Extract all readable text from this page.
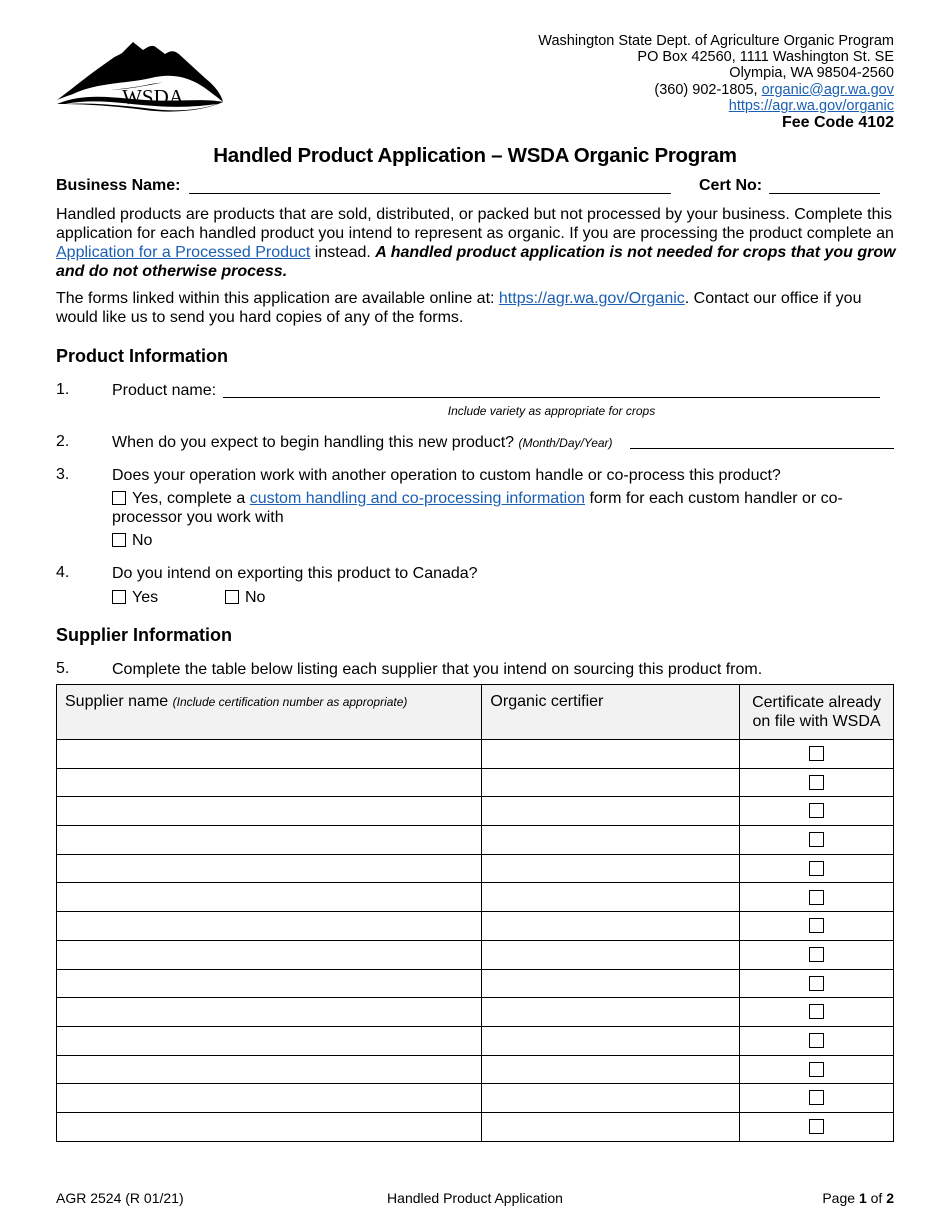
WSDA
Washington State Dept. of Agriculture Organic Program
PO Box 42560, 1111 Washington St. SE
Olympia, WA 98504-2560
(360) 902-1805, organic@agr.wa.gov
https://agr.wa.gov/organic
Fee Code 4102
Handled Product Application – WSDA Organic Program
Business Name:	Cert No:
Handled products are products that are sold, distributed, or packed but not processed by your business. Complete this application for each handled product you intend to represent as organic. If you are processing the product complete an Application for a Processed Product instead. A handled product application is not needed for crops that you grow and do not otherwise process.
The forms linked within this application are available online at: https://agr.wa.gov/Organic. Contact our office if you would like us to send you hard copies of any of the forms.
Product Information
1.	Product name:
Include variety as appropriate for crops
2.	When do you expect to begin handling this new product? (Month/Day/Year)
3.	Does your operation work with another operation to custom handle or co-process this product?
Yes, complete a custom handling and co-processing information form for each custom handler or co-processor you work with
No
4.	Do you intend on exporting this product to Canada?
Yes	No
Supplier Information
5.	Complete the table below listing each supplier that you intend on sourcing this product from.
Supplier name (Include certification number as appropriate)	Organic certifier	Certificate already
on file with WSDA

AGR 2524 (R 01/21)	Handled Product Application	Page 1 of 2
